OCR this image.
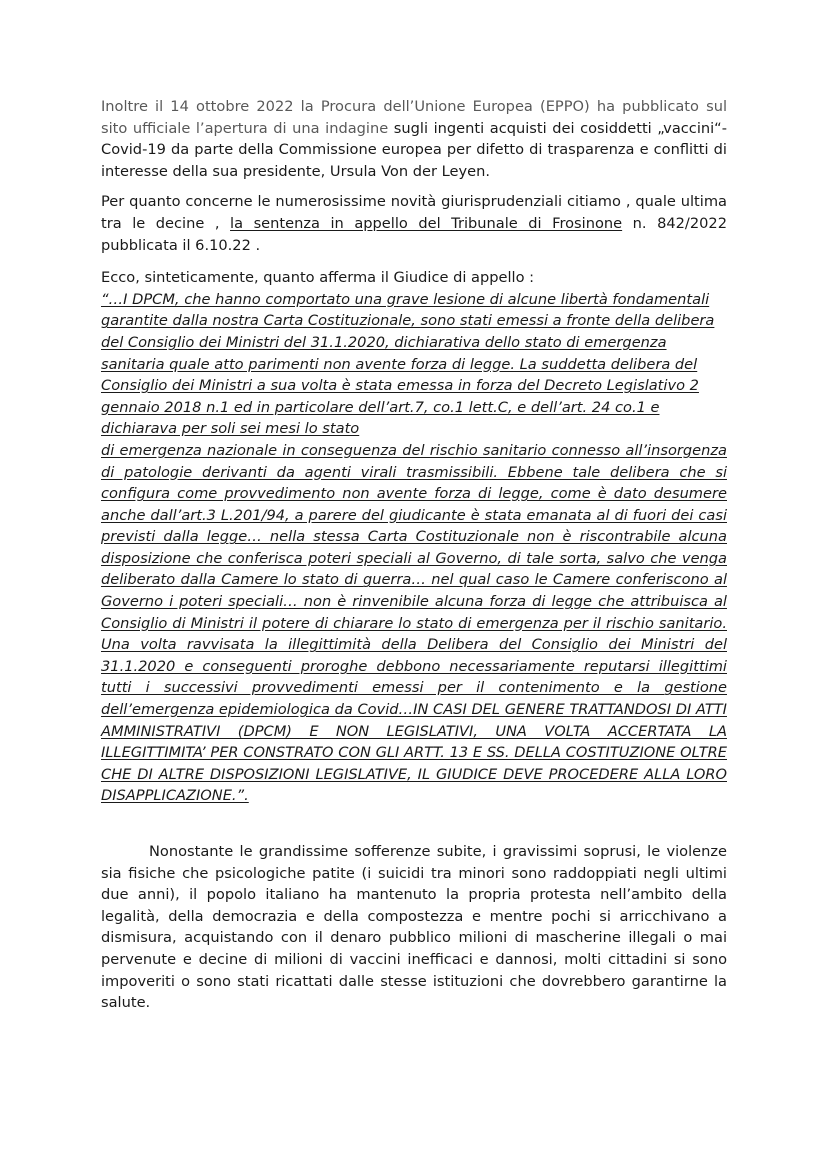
Inoltre il 14 ottobre 2022 la Procura dell’Unione Europea (EPPO) ha pubblicato sul sito ufficiale l’apertura di una indagine sugli ingenti acquisti dei cosiddetti „vaccini“-Covid-19 da parte della Commissione europea per difetto di trasparenza e conflitti di interesse della sua presidente, Ursula Von der Leyen.

Per quanto concerne le numerosissime novità giurisprudenziali citiamo , quale ultima tra le decine , la sentenza in appello del Tribunale di Frosinone n. 842/2022 pubblicata il 6.10.22 .

Ecco, sinteticamente, quanto afferma il Giudice di appello :

“…I DPCM, che hanno comportato una grave lesione di alcune libertà fondamentali garantite dalla nostra Carta Costituzionale, sono stati emessi a fronte della delibera del Consiglio dei Ministri del 31.1.2020, dichiarativa dello stato di emergenza sanitaria quale atto parimenti non avente forza di legge. La suddetta delibera del Consiglio dei Ministri a sua volta è stata emessa in forza del Decreto Legislativo 2 gennaio 2018 n.1 ed in particolare dell’art.7, co.1 lett.C, e dell’art. 24 co.1 e dichiarava per soli sei mesi lo stato

di emergenza nazionale in conseguenza del rischio sanitario connesso all’insorgenza di patologie derivanti da agenti virali trasmissibili. Ebbene tale delibera che si configura come provvedimento non avente forza di legge, come è dato desumere anche dall’art.3 L.201/94, a parere del giudicante è stata emanata al di fuori dei casi previsti dalla legge… nella stessa Carta Costituzionale non è riscontrabile alcuna disposizione che conferisca poteri speciali al Governo, di tale sorta, salvo che venga deliberato dalla Camere lo stato di guerra… nel qual caso le Camere conferiscono al Governo i poteri speciali… non è rinvenibile alcuna forza di legge che attribuisca al Consiglio di Ministri il potere di chiarare lo stato di emergenza per il rischio sanitario. Una volta ravvisata la illegittimità della Delibera del Consiglio dei Ministri del 31.1.2020 e conseguenti proroghe debbono necessariamente reputarsi illegittimi tutti i successivi provvedimenti emessi per il contenimento e la gestione dell’emergenza epidemiologica da Covid…IN CASI DEL GENERE TRATTANDOSI DI ATTI AMMINISTRATIVI (DPCM) E NON LEGISLATIVI, UNA VOLTA ACCERTATA LA ILLEGITTIMITA’ PER CONSTRATO CON GLI ARTT. 13 E SS. DELLA COSTITUZIONE OLTRE CHE DI ALTRE DISPOSIZIONI LEGISLATIVE, IL GIUDICE DEVE PROCEDERE ALLA LORO DISAPPLICAZIONE.”.

Nonostante le grandissime sofferenze subite, i gravissimi soprusi, le violenze sia fisiche che psicologiche patite (i suicidi tra minori sono raddoppiati negli ultimi due anni), il popolo italiano ha mantenuto la propria protesta nell’ambito della legalità, della democrazia e della compostezza e mentre pochi si arricchivano a dismisura, acquistando con il denaro pubblico milioni di mascherine illegali o mai pervenute e decine di milioni di vaccini inefficaci e dannosi, molti cittadini si sono impoveriti o sono stati ricattati dalle stesse istituzioni che dovrebbero garantirne la salute.
